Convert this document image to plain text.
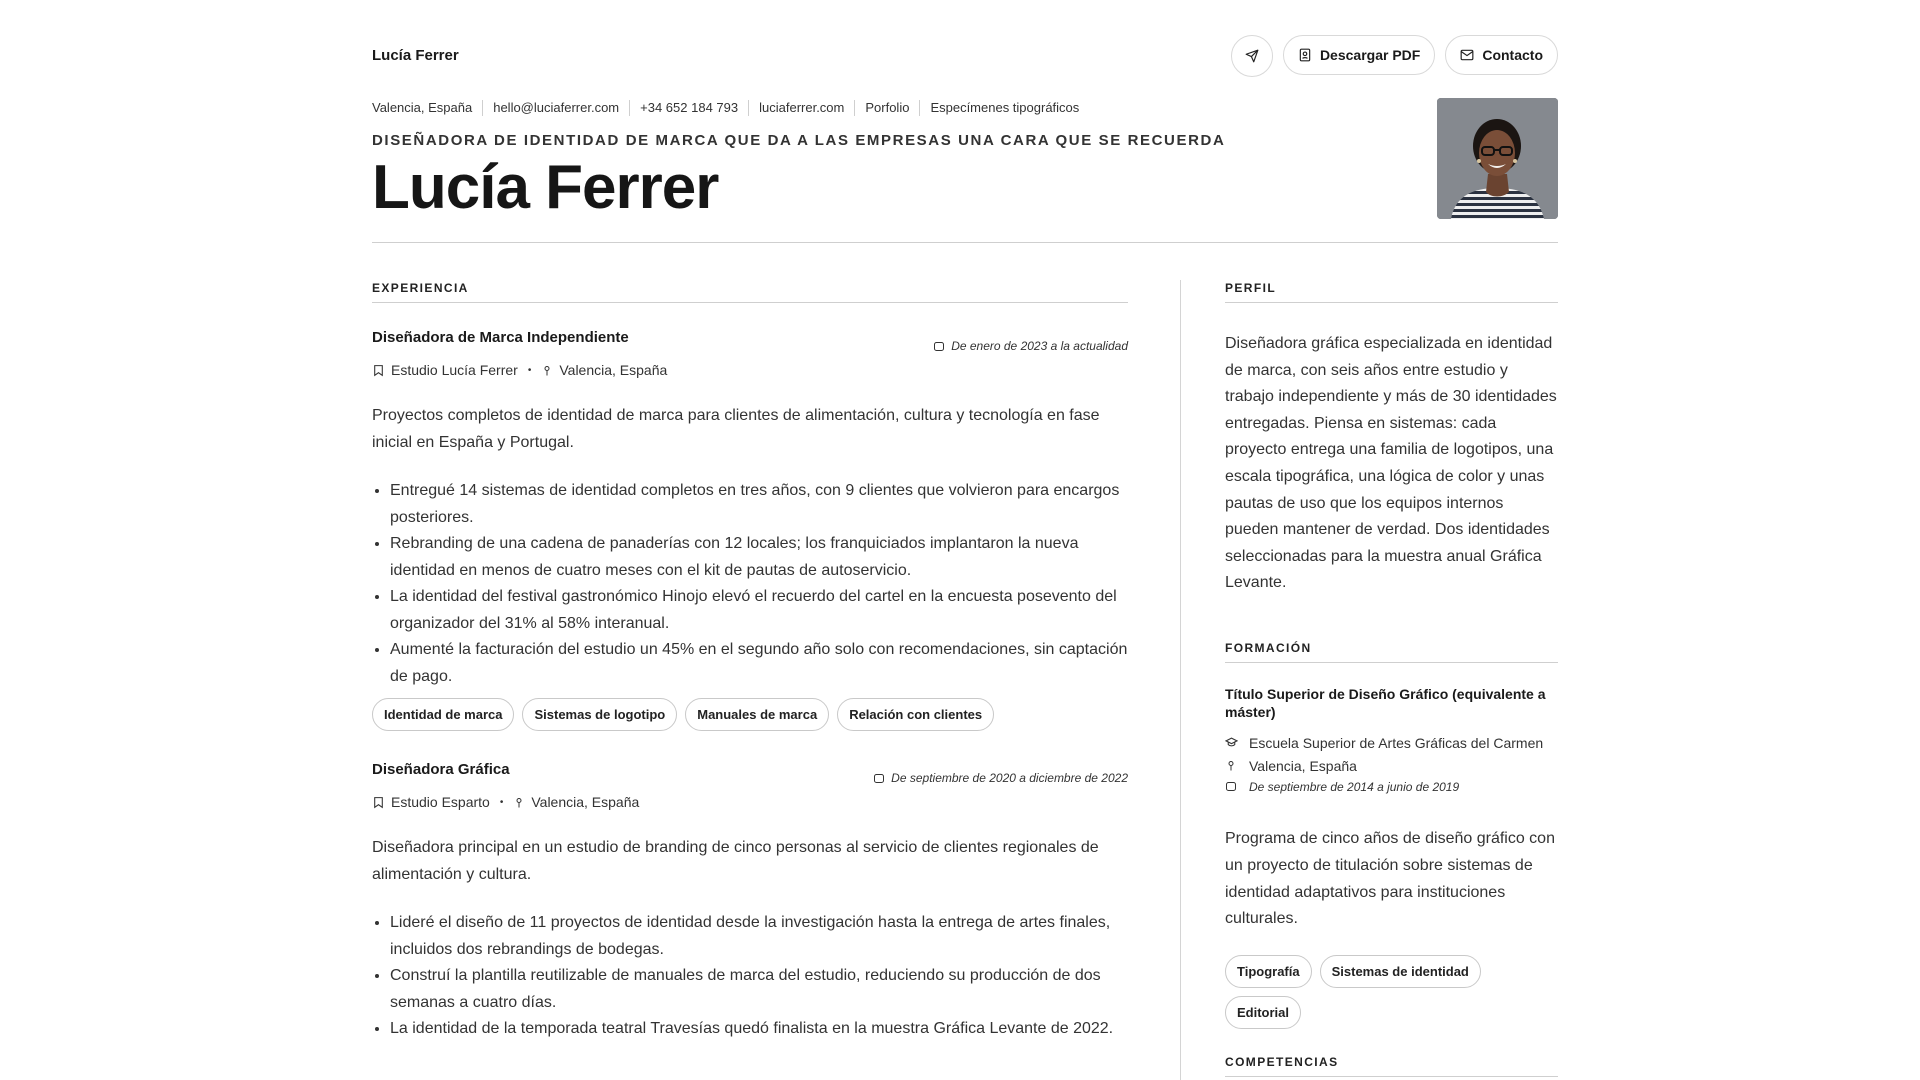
Lucía Ferrer	Descargar PDF	Contacto
Valencia, España	hello@luciaferrer.com	+34 652 184 793	luciaferrer.com	Porfolio	Especímenes tipográficos
DISEÑADORA DE IDENTIDAD DE MARCA QUE DA A LAS EMPRESAS UNA CARA QUE SE RECUERDA
Lucía Ferrer
EXPERIENCIA
Diseñadora de Marca Independiente	De enero de 2023 a la actualidad
Estudio Lucía Ferrer • Valencia, España
Proyectos completos de identidad de marca para clientes de alimentación, cultura y tecnología en fase inicial en España y Portugal.
• Entregué 14 sistemas de identidad completos en tres años, con 9 clientes que volvieron para encargos posteriores.
• Rebranding de una cadena de panaderías con 12 locales; los franquiciados implantaron la nueva identidad en menos de cuatro meses con el kit de pautas de autoservicio.
• La identidad del festival gastronómico Hinojo elevó el recuerdo del cartel en la encuesta posevento del organizador del 31% al 58% interanual.
• Aumenté la facturación del estudio un 45% en el segundo año solo con recomendaciones, sin captación de pago.
Identidad de marca	Sistemas de logotipo	Manuales de marca	Relación con clientes
Diseñadora Gráfica	De septiembre de 2020 a diciembre de 2022
Estudio Esparto • Valencia, España
Diseñadora principal en un estudio de branding de cinco personas al servicio de clientes regionales de alimentación y cultura.
• Lideré el diseño de 11 proyectos de identidad desde la investigación hasta la entrega de artes finales, incluidos dos rebrandings de bodegas.
• Construí la plantilla reutilizable de manuales de marca del estudio, reduciendo su producción de dos semanas a cuatro días.
• La identidad de la temporada teatral Travesías quedó finalista en la muestra Gráfica Levante de 2022.
PERFIL
Diseñadora gráfica especializada en identidad de marca, con seis años entre estudio y trabajo independiente y más de 30 identidades entregadas. Piensa en sistemas: cada proyecto entrega una familia de logotipos, una escala tipográfica, una lógica de color y unas pautas de uso que los equipos internos pueden mantener de verdad. Dos identidades seleccionadas para la muestra anual Gráfica Levante.
FORMACIÓN
Título Superior de Diseño Gráfico (equivalente a máster)
Escuela Superior de Artes Gráficas del Carmen
Valencia, España
De septiembre de 2014 a junio de 2019
Programa de cinco años de diseño gráfico con un proyecto de titulación sobre sistemas de identidad adaptativos para instituciones culturales.
Tipografía	Sistemas de identidad
Editorial
COMPETENCIAS
